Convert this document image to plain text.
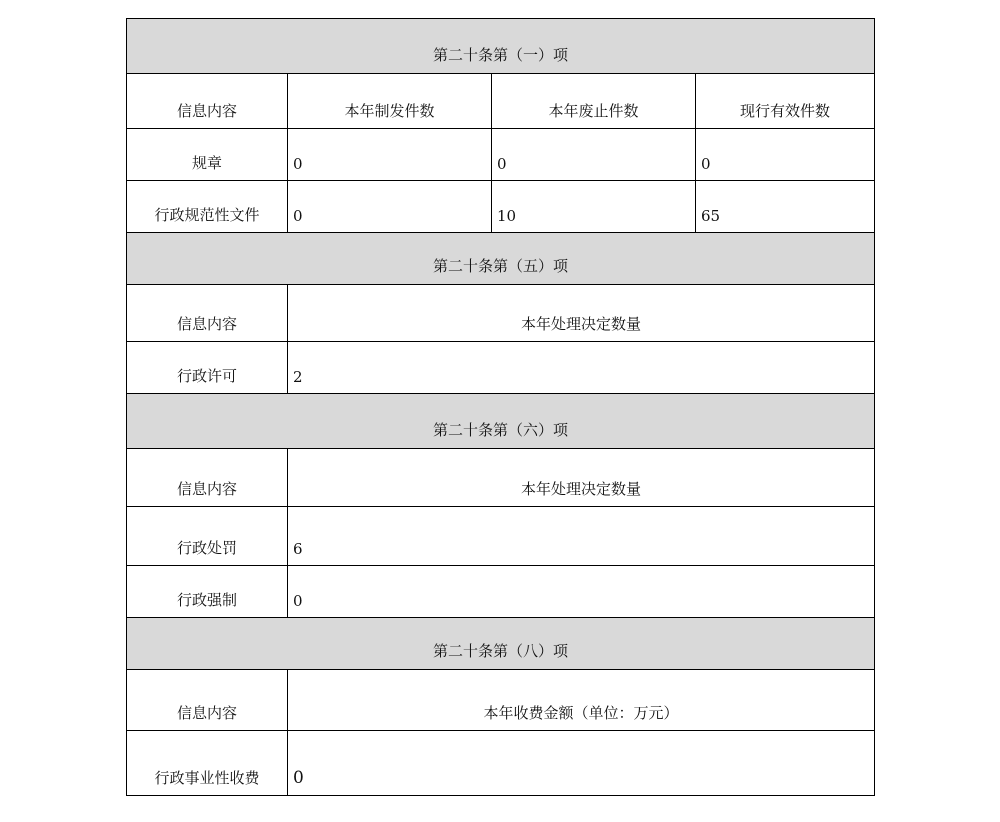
第二十条第（一）项			
信息内容	本年制发件数	本年废止件数	现行有效件数
规章	0	0	0
行政规范性文件	0	10	65
第二十条第（五）项			
信息内容	本年处理决定数量		
行政许可	2		
第二十条第（六）项			
信息内容	本年处理决定数量		
行政处罚	6		
行政强制	0		
第二十条第（八）项			
信息内容	本年收费金额（单位：万元）		
行政事业性收费	0		
